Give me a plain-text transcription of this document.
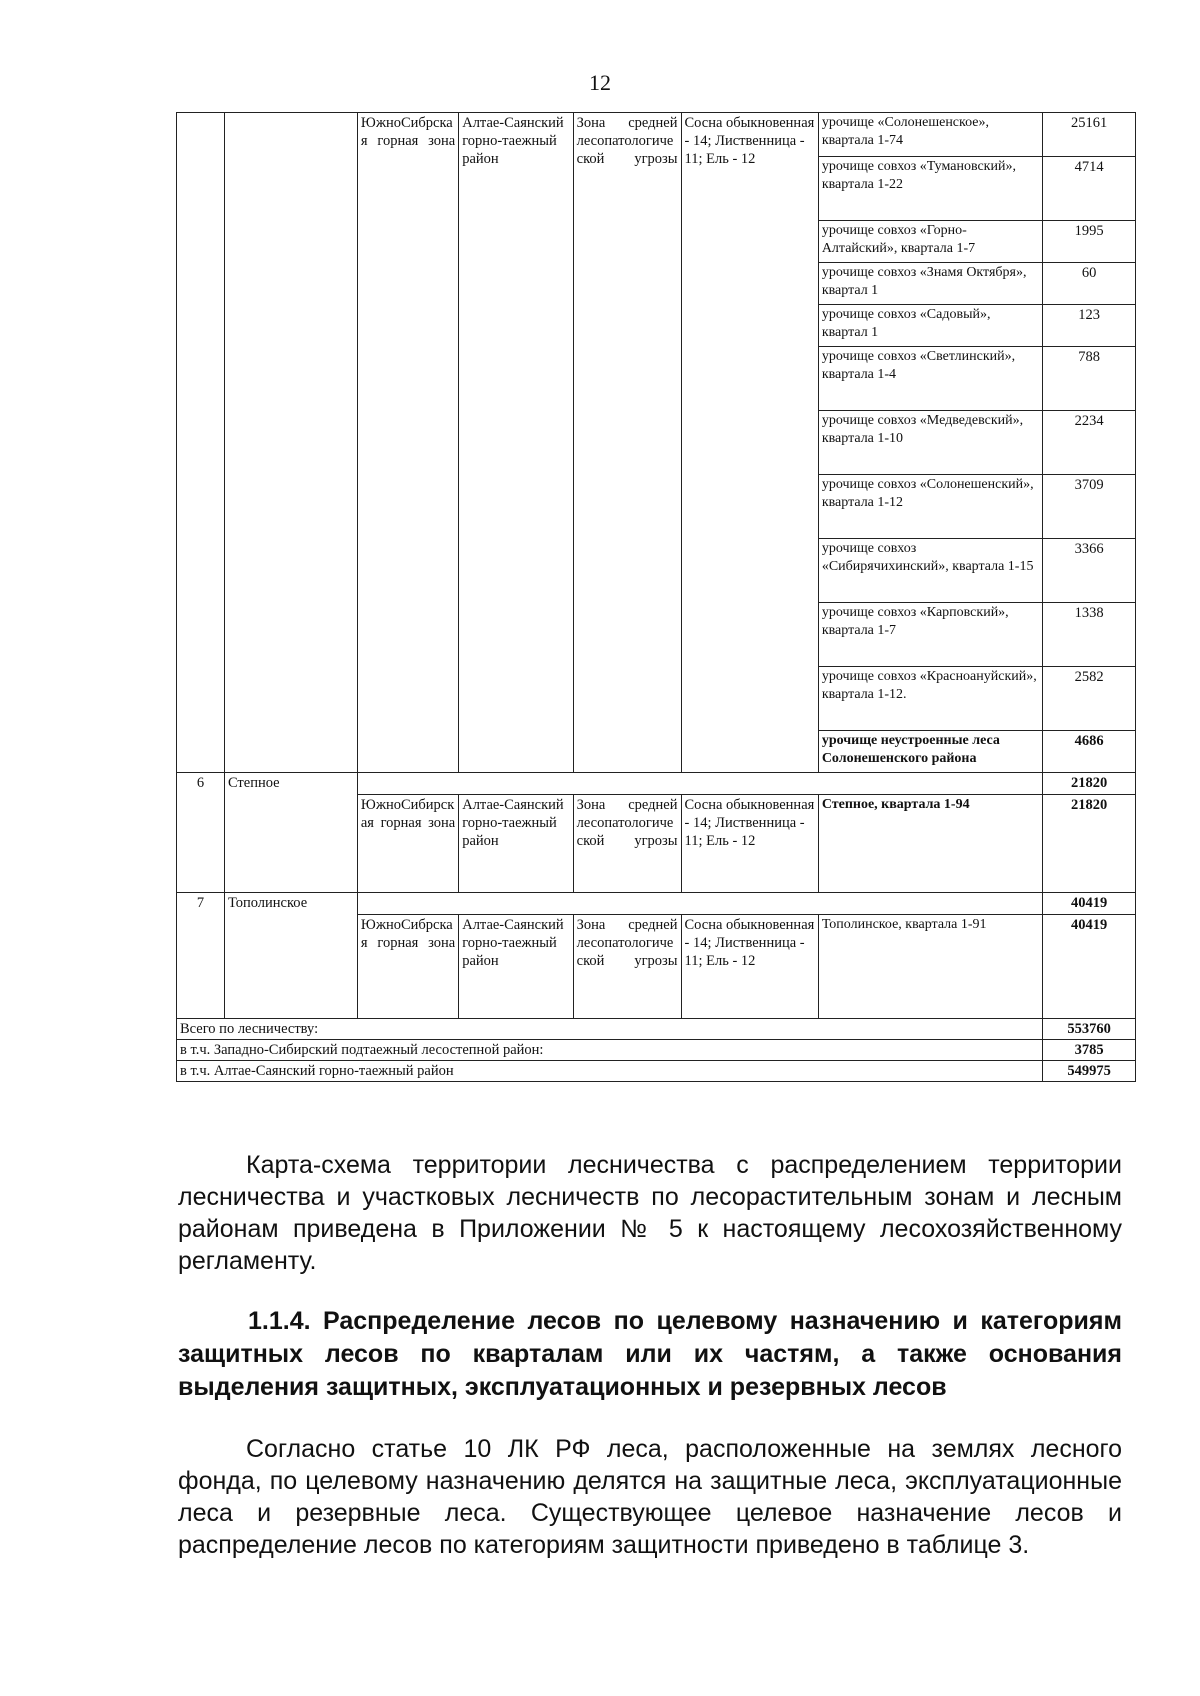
12
		ЮжноСибрская горная зона	Алтае-Саянский горно-таежный район	Зона средней лесопатологической угрозы	Сосна обыкновенная - 14; Лиственница - 11; Ель - 12	урочище «Солонешенское», квартала 1-74	25161
						урочище совхоз «Тумановский», квартала 1-22	4714
						урочище совхоз «Горно-Алтайский», квартала 1-7	1995
						урочище совхоз «Знамя Октября», квартал 1	60
						урочище совхоз «Садовый», квартал 1	123
						урочище совхоз «Светлинский», квартала 1-4	788
						урочище совхоз «Медведевский», квартала 1-10	2234
						урочище совхоз «Солонешенский», квартала 1-12	3709
						урочище совхоз «Сибирячихинский», квартала 1-15	3366
						урочище совхоз «Карповский», квартала 1-7	1338
						урочище совхоз «Красноануйский», квартала 1-12.	2582
						урочище неустроенные леса Солонешенского района	4686
6	Степное						21820
		ЮжноСибирская горная зона	Алтае-Саянский горно-таежный район	Зона средней лесопатологической угрозы	Сосна обыкновенная - 14; Лиственница - 11; Ель - 12	Степное, квартала 1-94	21820
7	Тополинское						40419
		ЮжноСибрская горная зона	Алтае-Саянский горно-таежный район	Зона средней лесопатологической угрозы	Сосна обыкновенная - 14; Лиственница - 11; Ель - 12	Тополинское, квартала 1-91	40419
Всего по лесничеству:							553760
в т.ч. Западно-Сибирский подтаежный лесостепной район:							3785
в т.ч. Алтае-Саянский горно-таежный район							549975

Карта-схема территории лесничества с распределением территории лесничества и участковых лесничеств по лесорастительным зонам и лесным районам приведена в Приложении № 5 к настоящему лесохозяйственному регламенту.

1.1.4. Распределение лесов по целевому назначению и категориям защитных лесов по кварталам или их частям, а также основания выделения защитных, эксплуатационных и резервных лесов

Согласно статье 10 ЛК РФ леса, расположенные на землях лесного фонда, по целевому назначению делятся на защитные леса, эксплуатационные леса и резервные леса. Существующее целевое назначение лесов и распределение лесов по категориям защитности приведено в таблице 3.
